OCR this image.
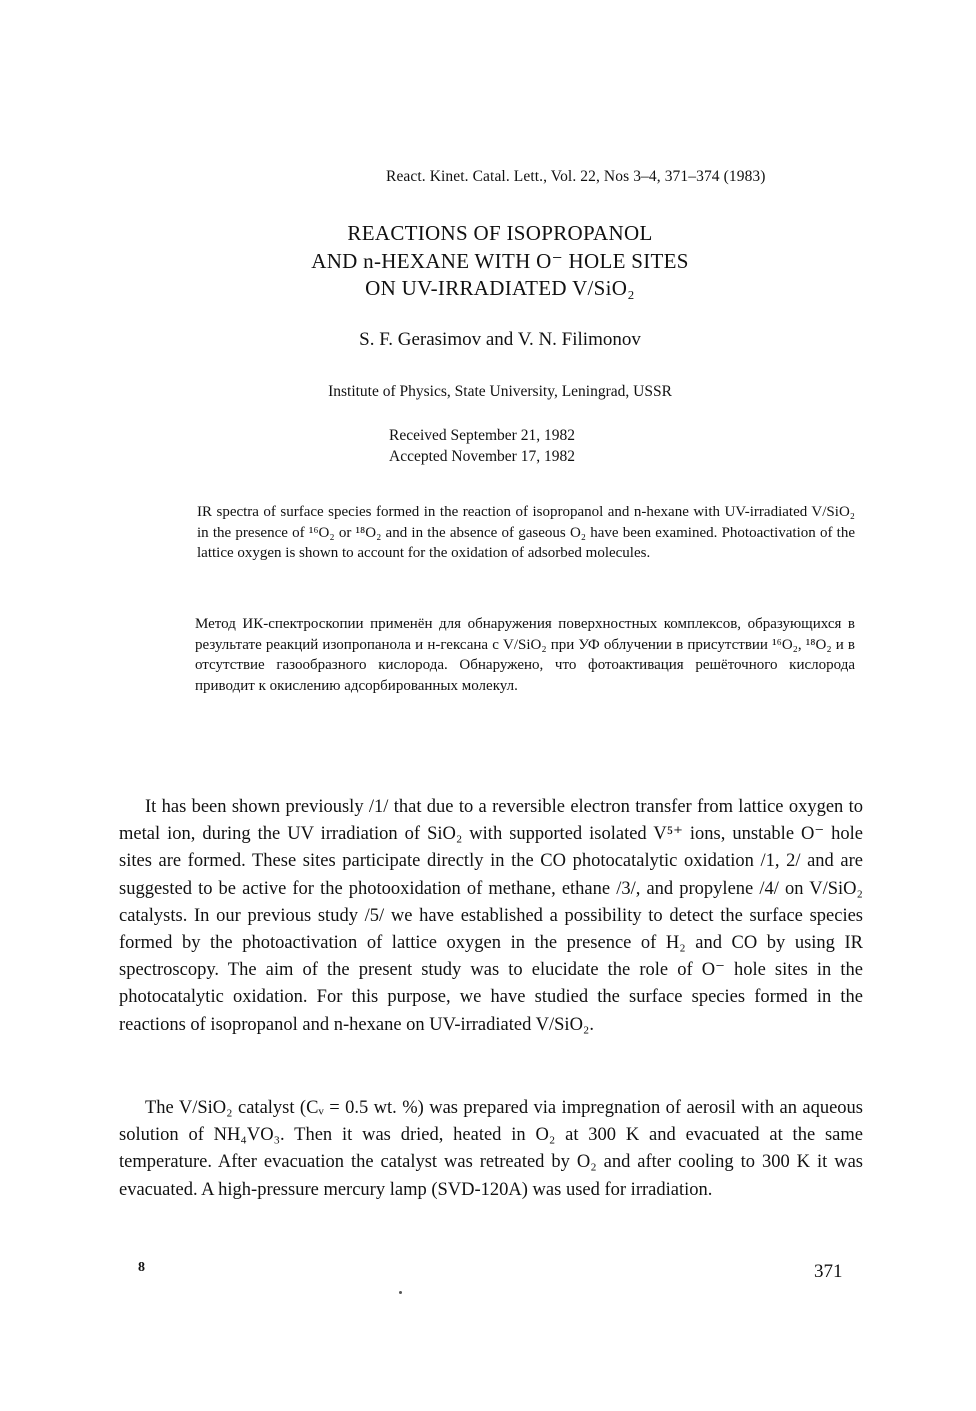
React. Kinet. Catal. Lett., Vol. 22, Nos 3–4, 371–374 (1983)
REACTIONS OF ISOPROPANOL
AND n-HEXANE WITH O⁻ HOLE SITES
ON UV-IRRADIATED V/SiO₂
S. F. Gerasimov and V. N. Filimonov
Institute of Physics, State University, Leningrad, USSR
Received September 21, 1982
Accepted November 17, 1982
IR spectra of surface species formed in the reaction of isopropanol and n-hexane with UV-irradiated V/SiO₂ in the presence of ¹⁶O₂ or ¹⁸O₂ and in the absence of gaseous O₂ have been examined. Photoactivation of the lattice oxygen is shown to account for the oxidation of adsorbed molecules.
Метод ИК-спектроскопии применён для обнаружения поверхностных комплексов, образующихся в результате реакций изопропанола и н-гексана с V/SiO₂ при УФ облучении в присутствии ¹⁶O₂, ¹⁸O₂ и в отсутствие газообразного кислорода. Обнаружено, что фотоактивация решёточного кислорода приводит к окислению адсорбированных молекул.
It has been shown previously /1/ that due to a reversible electron transfer from lattice oxygen to metal ion, during the UV irradiation of SiO₂ with supported isolated V⁵⁺ ions, unstable O⁻ hole sites are formed. These sites participate directly in the CO photocatalytic oxidation /1, 2/ and are suggested to be active for the photooxidation of methane, ethane /3/, and propylene /4/ on V/SiO₂ catalysts. In our previous study /5/ we have established a possibility to detect the surface species formed by the photoactivation of lattice oxygen in the presence of H₂ and CO by using IR spectroscopy. The aim of the present study was to elucidate the role of O⁻ hole sites in the photocatalytic oxidation. For this purpose, we have studied the surface species formed in the reactions of isopropanol and n-hexane on UV-irradiated V/SiO₂.
The V/SiO₂ catalyst (Cᵥ = 0.5 wt. %) was prepared via impregnation of aerosil with an aqueous solution of NH₄VO₃. Then it was dried, heated in O₂ at 300 K and evacuated at the same temperature. After evacuation the catalyst was retreated by O₂ and after cooling to 300 K it was evacuated. A high-pressure mercury lamp (SVD-120A) was used for irradiation.
8	371
